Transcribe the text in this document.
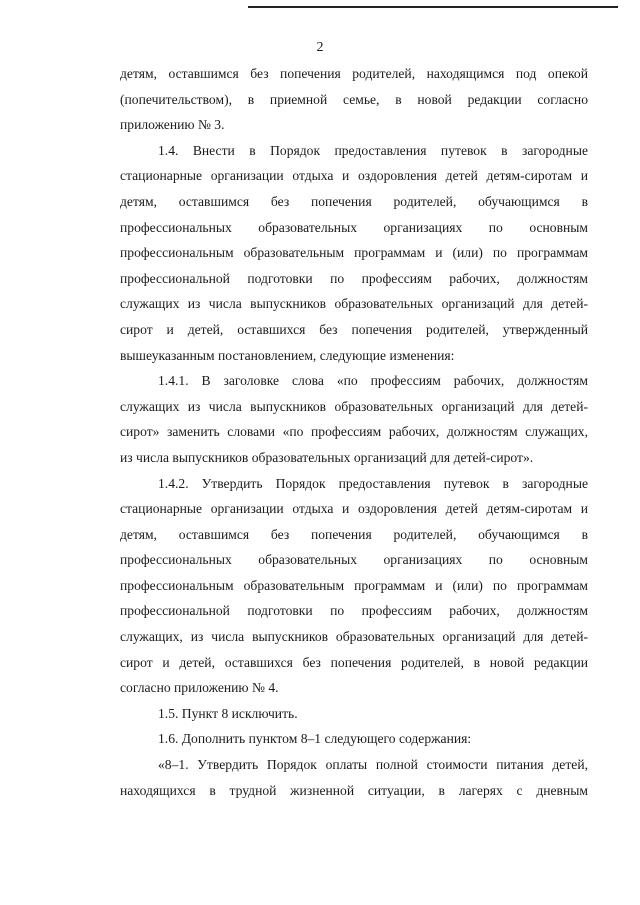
2
детям, оставшимся без попечения родителей, находящимся под опекой
(попечительством), в приемной семье, в новой редакции согласно
приложению № 3.
1.4. Внести в Порядок предоставления путевок в загородные
стационарные организации отдыха и оздоровления детей детям-сиротам и
детям, оставшимся без попечения родителей, обучающимся в
профессиональных образовательных организациях по основным
профессиональным образовательным программам и (или) по программам
профессиональной подготовки по профессиям рабочих, должностям
служащих из числа выпускников образовательных организаций для детей-
сирот и детей, оставшихся без попечения родителей, утвержденный
вышеуказанным постановлением, следующие изменения:
1.4.1. В заголовке слова «по профессиям рабочих, должностям
служащих из числа выпускников образовательных организаций для детей-
сирот» заменить словами «по профессиям рабочих, должностям служащих,
из числа выпускников образовательных организаций для детей-сирот».
1.4.2. Утвердить Порядок предоставления путевок в загородные
стационарные организации отдыха и оздоровления детей детям-сиротам и
детям, оставшимся без попечения родителей, обучающимся в
профессиональных образовательных организациях по основным
профессиональным образовательным программам и (или) по программам
профессиональной подготовки по профессиям рабочих, должностям
служащих, из числа выпускников образовательных организаций для детей-
сирот и детей, оставшихся без попечения родителей, в новой редакции
согласно приложению № 4.
1.5. Пункт 8 исключить.
1.6. Дополнить пунктом 8–1 следующего содержания:
«8–1. Утвердить Порядок оплаты полной стоимости питания детей,
находящихся в трудной жизненной ситуации, в лагерях с дневным
